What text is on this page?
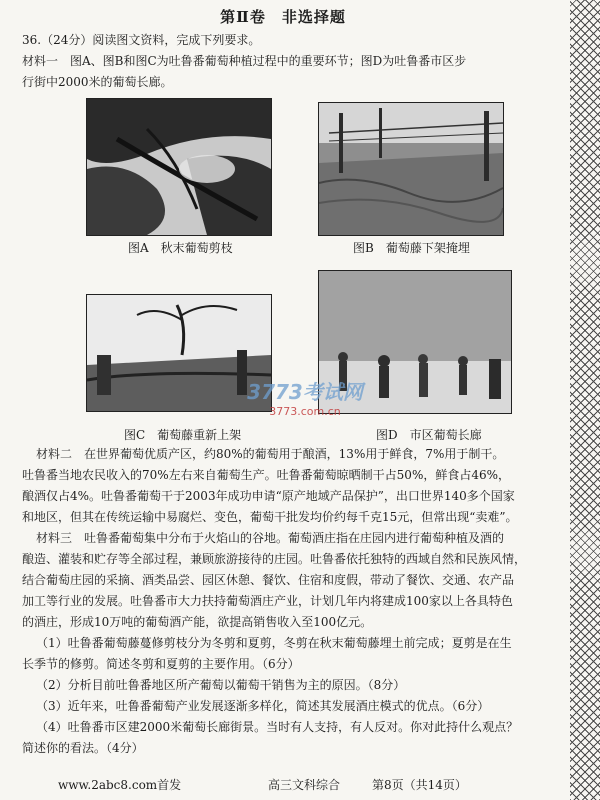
第Ⅱ卷　非选择题
36.（24分）阅读图文资料，完成下列要求。
材料一　图A、图B和图C为吐鲁番葡萄种植过程中的重要环节；图D为吐鲁番市区步
行街中2000米的葡萄长廊。
图A　秋末葡萄剪枝	图B　葡萄藤下架掩埋
图C　葡萄藤重新上架	图D　市区葡萄长廊
3773考试网
3773.com.cn
材料二　在世界葡萄优质产区，约80%的葡萄用于酿酒，13%用于鲜食，7%用于制干。
吐鲁番当地农民收入的70%左右来自葡萄生产。吐鲁番葡萄晾晒制干占50%，鲜食占46%，
酿酒仅占4%。吐鲁番葡萄干于2003年成功申请“原产地域产品保护”，出口世界140多个国家
和地区，但其在传统运输中易腐烂、变色，葡萄干批发均价约每千克15元，但常出现“卖难”。
材料三　吐鲁番葡萄集中分布于火焰山的谷地。葡萄酒庄指在庄园内进行葡萄种植及酒的
酿造、灌装和贮存等全部过程，兼顾旅游接待的庄园。吐鲁番依托独特的西域自然和民族风情，
结合葡萄庄园的采摘、酒类品尝、园区休憩、餐饮、住宿和度假，带动了餐饮、交通、农产品
加工等行业的发展。吐鲁番市大力扶持葡萄酒庄产业，计划几年内将建成100家以上各具特色
的酒庄，形成10万吨的葡萄酒产能，欲提高销售收入至100亿元。
（1）吐鲁番葡萄藤蔓修剪枝分为冬剪和夏剪，冬剪在秋末葡萄藤埋土前完成；夏剪是在生
长季节的修剪。简述冬剪和夏剪的主要作用。（6分）
（2）分析目前吐鲁番地区所产葡萄以葡萄干销售为主的原因。（8分）
（3）近年来，吐鲁番葡萄产业发展逐渐多样化，简述其发展酒庄模式的优点。（6分）
（4）吐鲁番市区建2000米葡萄长廊街景。当时有人支持，有人反对。你对此持什么观点？
简述你的看法。（4分）
www.2abc8.com首发	高三文科综合	第8页（共14页）
